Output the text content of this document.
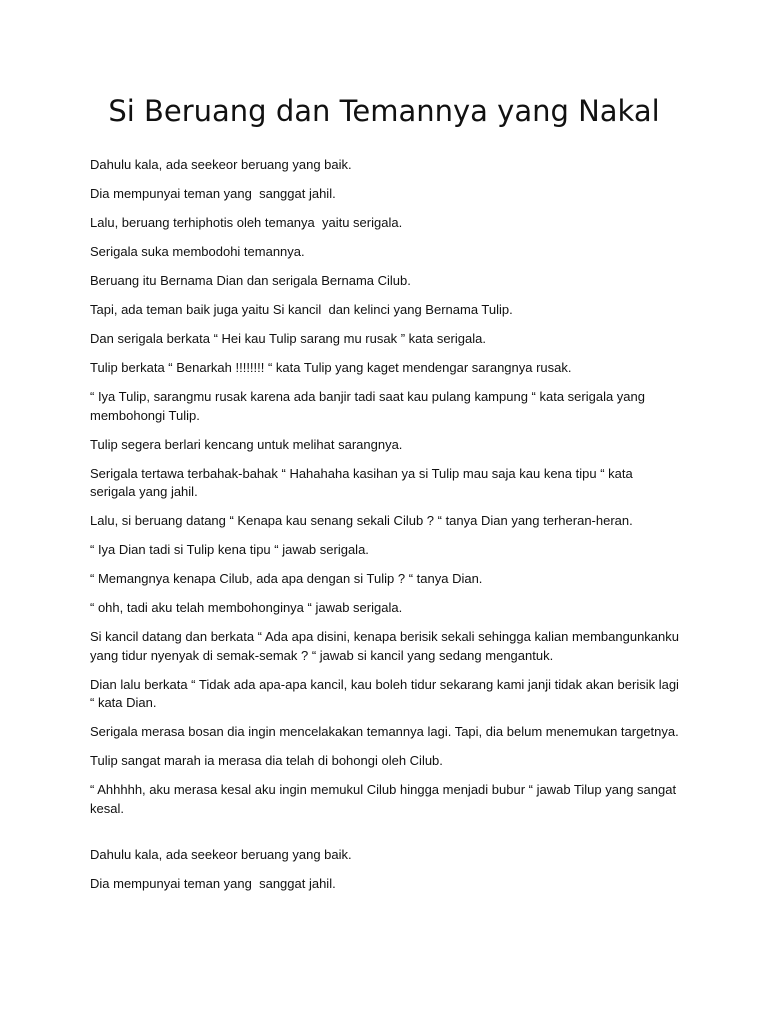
Si Beruang dan Temannya yang Nakal

Dahulu kala, ada seekeor beruang yang baik.

Dia mempunyai teman yang  sanggat jahil.

Lalu, beruang terhiphotis oleh temanya  yaitu serigala.

Serigala suka membodohi temannya.

Beruang itu Bernama Dian dan serigala Bernama Cilub.

Tapi, ada teman baik juga yaitu Si kancil  dan kelinci yang Bernama Tulip.

Dan serigala berkata “ Hei kau Tulip sarang mu rusak ” kata serigala.

Tulip berkata “ Benarkah !!!!!!!! “ kata Tulip yang kaget mendengar sarangnya rusak.

“ Iya Tulip, sarangmu rusak karena ada banjir tadi saat kau pulang kampung “ kata serigala yang membohongi Tulip.

Tulip segera berlari kencang untuk melihat sarangnya.

Serigala tertawa terbahak-bahak “ Hahahaha kasihan ya si Tulip mau saja kau kena tipu “ kata serigala yang jahil.

Lalu, si beruang datang “ Kenapa kau senang sekali Cilub ? “ tanya Dian yang terheran-heran.

“ Iya Dian tadi si Tulip kena tipu “ jawab serigala.

“ Memangnya kenapa Cilub, ada apa dengan si Tulip ? “ tanya Dian.

“ ohh, tadi aku telah membohonginya “ jawab serigala.

Si kancil datang dan berkata “ Ada apa disini, kenapa berisik sekali sehingga kalian membangunkanku yang tidur nyenyak di semak-semak ? “ jawab si kancil yang sedang mengantuk.

Dian lalu berkata “ Tidak ada apa-apa kancil, kau boleh tidur sekarang kami janji tidak akan berisik lagi “ kata Dian.

Serigala merasa bosan dia ingin mencelakakan temannya lagi. Tapi, dia belum menemukan targetnya.

Tulip sangat marah ia merasa dia telah di bohongi oleh Cilub.

“ Ahhhhh, aku merasa kesal aku ingin memukul Cilub hingga menjadi bubur “ jawab Tilup yang sangat kesal.

Dahulu kala, ada seekeor beruang yang baik.

Dia mempunyai teman yang  sanggat jahil.
